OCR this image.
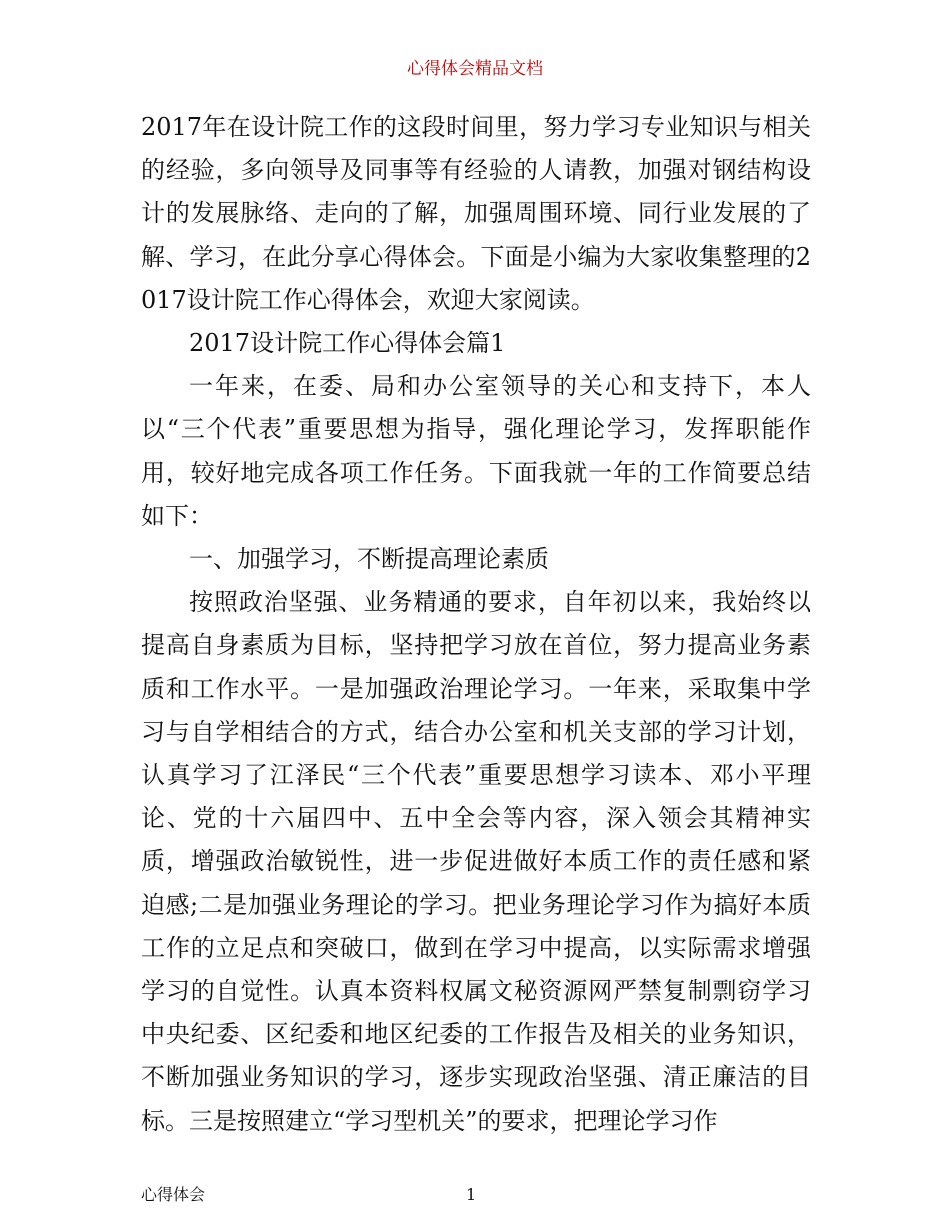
心得体会精品文档

2017年在设计院工作的这段时间里，努力学习专业知识与相关的经验，多向领导及同事等有经验的人请教，加强对钢结构设计的发展脉络、走向的了解，加强周围环境、同行业发展的了解、学习，在此分享心得体会。下面是小编为大家收集整理的2017设计院工作心得体会，欢迎大家阅读。

2017设计院工作心得体会篇1

一年来，在委、局和办公室领导的关心和支持下，本人以“三个代表”重要思想为指导，强化理论学习，发挥职能作用，较好地完成各项工作任务。下面我就一年的工作简要总结如下：

一、加强学习，不断提高理论素质

按照政治坚强、业务精通的要求，自年初以来，我始终以提高自身素质为目标，坚持把学习放在首位，努力提高业务素质和工作水平。一是加强政治理论学习。一年来，采取集中学习与自学相结合的方式，结合办公室和机关支部的学习计划，认真学习了江泽民“三个代表”重要思想学习读本、邓小平理论、党的十六届四中、五中全会等内容，深入领会其精神实质，增强政治敏锐性，进一步促进做好本质工作的责任感和紧迫感;二是加强业务理论的学习。把业务理论学习作为搞好本质工作的立足点和突破口，做到在学习中提高，以实际需求增强学习的自觉性。认真本资料权属文秘资源网严禁复制剽窃学习中央纪委、区纪委和地区纪委的工作报告及相关的业务知识，不断加强业务知识的学习，逐步实现政治坚强、清正廉洁的目标。三是按照建立“学习型机关”的要求，把理论学习作

心得体会	1
